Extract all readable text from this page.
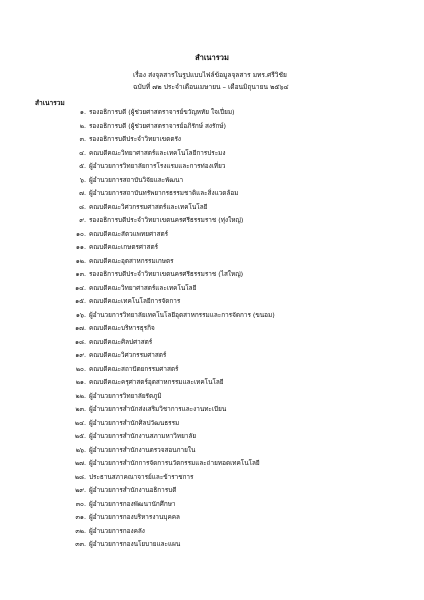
สำเนารวม
เรื่อง ส่งจุลสารในรูปแบบไฟล์ข้อมูลจุลสาร มทร.ศรีวิชัย
ฉบับที่ ๗๒ ประจำเดือนเมษายน – เดือนมิถุนายน ๒๕๖๔
สำเนารวม
๑. รองอธิการบดี (ผู้ช่วยศาสตราจารย์ขวัญหทัย ใจเปี่ยม)
๒. รองอธิการบดี (ผู้ช่วยศาสตราจารย์อภิรักษ์ สงรักษ์)
๓. รองอธิการบดีประจำวิทยาเขตตรัง
๔. คณบดีคณะวิทยาศาสตร์และเทคโนโลยีการประมง
๕. ผู้อำนวยการวิทยาลัยการโรงแรมและการท่องเที่ยว
๖. ผู้อำนวยการสถาบันวิจัยและพัฒนา
๗. ผู้อำนวยการสถาบันทรัพยากรธรรมชาติและสิ่งแวดล้อม
๘. คณบดีคณะวิศวกรรมศาสตร์และเทคโนโลยี
๙. รองอธิการบดีประจำวิทยาเขตนครศรีธรรมราช (ทุ่งใหญ่)
๑๐. คณบดีคณะสัตวแพทยศาสตร์
๑๑. คณบดีคณะเกษตรศาสตร์
๑๒. คณบดีคณะอุตสาหกรรมเกษตร
๑๓. รองอธิการบดีประจำวิทยาเขตนครศรีธรรมราช (ไสใหญ่)
๑๔. คณบดีคณะวิทยาศาสตร์และเทคโนโลยี
๑๕. คณบดีคณะเทคโนโลยีการจัดการ
๑๖. ผู้อำนวยการวิทยาลัยเทคโนโลยีอุตสาหกรรมและการจัดการ (ขนอม)
๑๗. คณบดีคณะบริหารธุรกิจ
๑๘. คณบดีคณะศิลปศาสตร์
๑๙. คณบดีคณะวิศวกรรมศาสตร์
๒๐. คณบดีคณะสถาปัตยกรรมศาสตร์
๒๑. คณบดีคณะครุศาสตร์อุตสาหกรรมและเทคโนโลยี
๒๒. ผู้อำนวยการวิทยาลัยรัตภูมิ
๒๓. ผู้อำนวยการสำนักส่งเสริมวิชาการและงานทะเบียน
๒๔. ผู้อำนวยการสำนักศิลปวัฒนธรรม
๒๕. ผู้อำนวยการสำนักงานสภามหาวิทยาลัย
๒๖. ผู้อำนวยการสำนักงานตรวจสอบภายใน
๒๗. ผู้อำนวยการสำนักการจัดการนวัตกรรมและถ่ายทอดเทคโนโลยี
๒๘. ประธานสภาคณาจารย์และข้าราชการ
๒๙. ผู้อำนวยการสำนักงานอธิการบดี
๓๐. ผู้อำนวยการกองพัฒนานักศึกษา
๓๑. ผู้อำนวยการกองบริหารงานบุคคล
๓๒. ผู้อำนวยการกองคลัง
๓๓. ผู้อำนวยการกองนโยบายและแผน
